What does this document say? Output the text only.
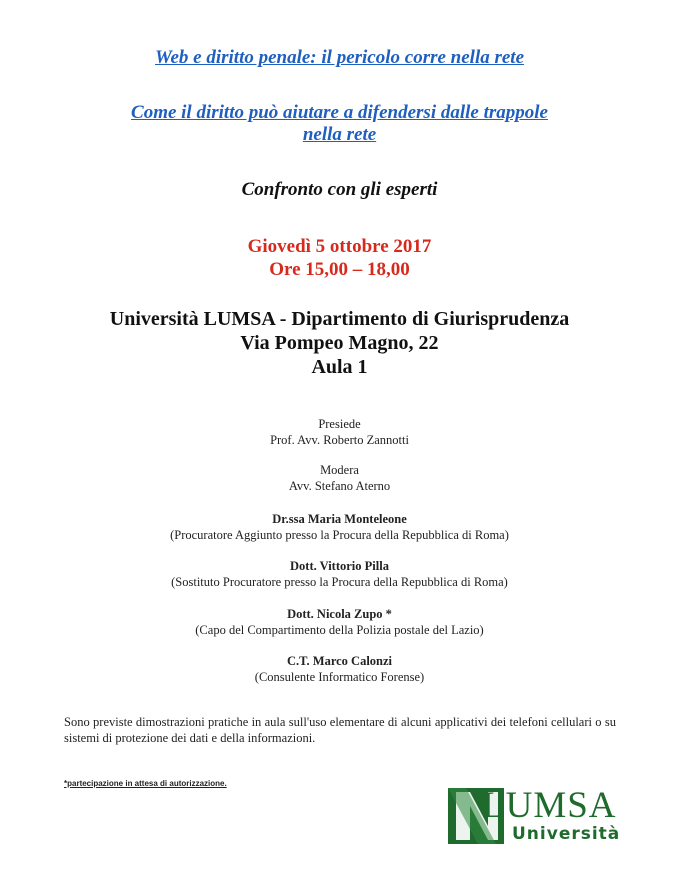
Web e diritto penale: il pericolo corre nella rete
Come il diritto può aiutare a difendersi dalle trappole
nella rete
Confronto con gli esperti
Giovedì 5 ottobre 2017
Ore 15,00 – 18,00
Università LUMSA - Dipartimento di Giurisprudenza
Via Pompeo Magno, 22
Aula 1
Presiede
Prof. Avv. Roberto Zannotti
Modera
Avv. Stefano Aterno
Dr.ssa Maria Monteleone
(Procuratore Aggiunto presso la Procura della Repubblica di Roma)
Dott. Vittorio Pilla
(Sostituto Procuratore presso la Procura della Repubblica di Roma)
Dott. Nicola Zupo *
(Capo del Compartimento della Polizia postale del Lazio)
C.T. Marco Calonzi
(Consulente Informatico Forense)
Sono previste dimostrazioni pratiche in aula sull'uso elementare di alcuni applicativi dei telefoni cellulari o su sistemi di protezione dei dati e della informazioni.
*partecipazione in attesa di autorizzazione.
LUMSA
Università
